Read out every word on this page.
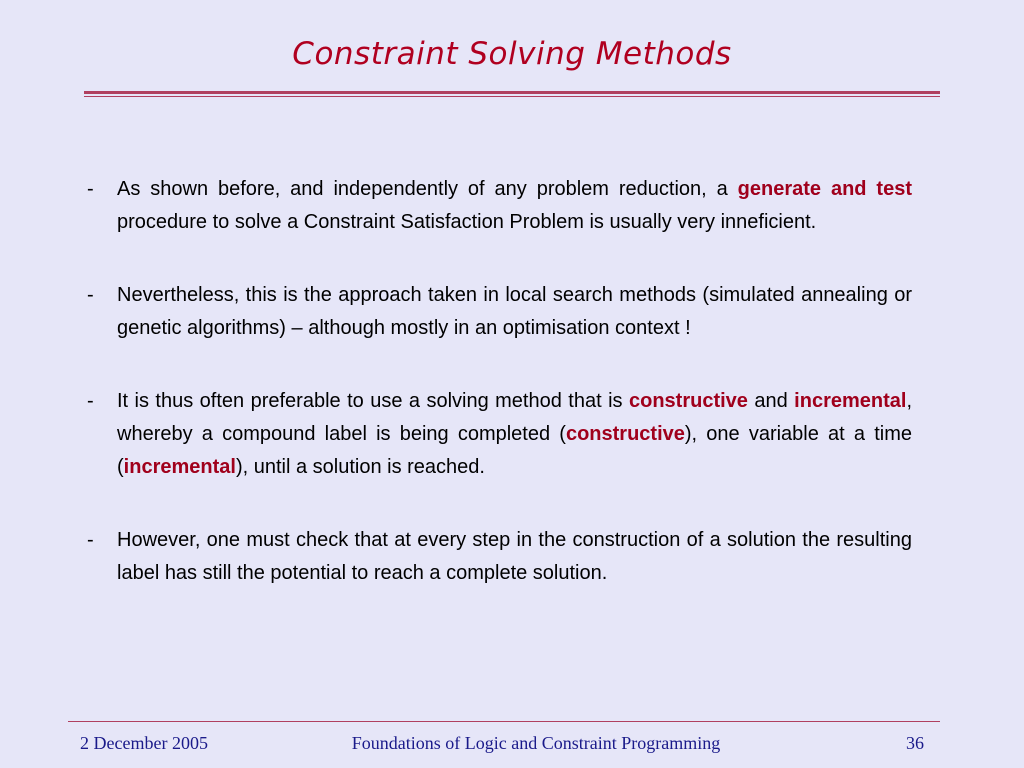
Constraint Solving Methods
- As shown before, and independently of any problem reduction, a generate and test procedure to solve a Constraint Satisfaction Problem is usually very inneficient.
- Nevertheless, this is the approach taken in local search methods (simulated annealing or genetic algorithms) – although mostly in an optimisation context !
- It is thus often preferable to use a solving method that is constructive and incremental, whereby a compound label is being completed (constructive), one variable at a time (incremental), until a solution is reached.
- However, one must check that at every step in the construction of a solution the resulting label has still the potential to reach a complete solution.
2 December 2005	Foundations of Logic and Constraint Programming	36
